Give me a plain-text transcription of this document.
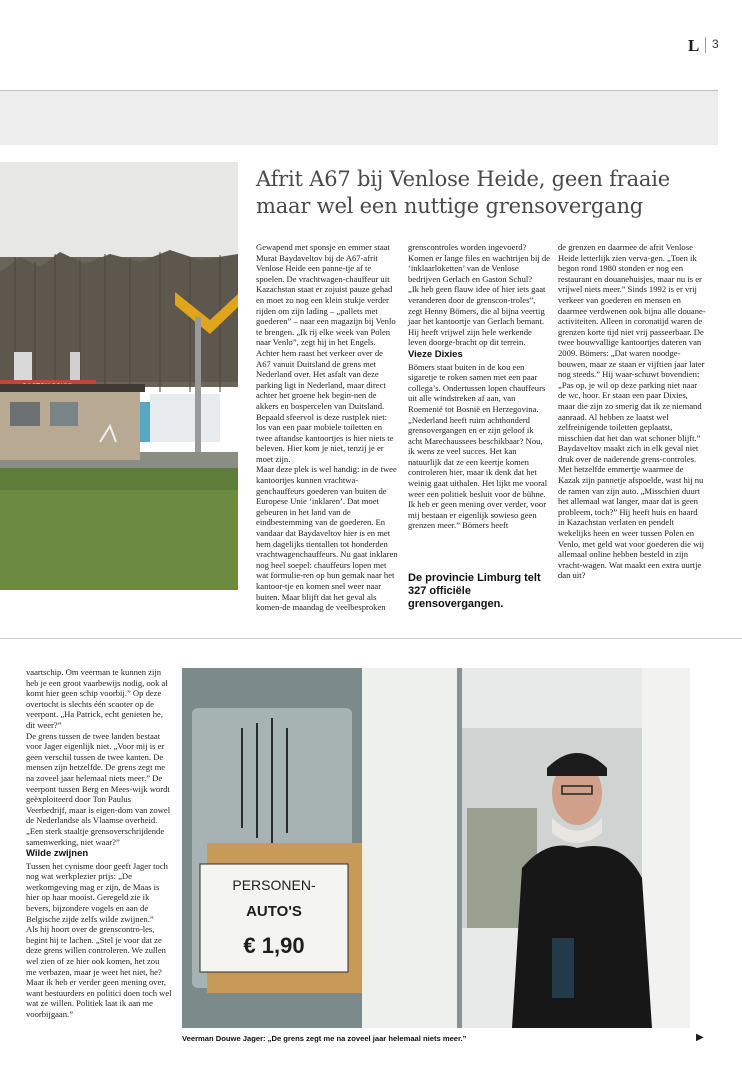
L 3
Afrit A67 bij Venlose Heide, geen fraaie maar wel een nuttige grensovergang

Gewapend met sponsje en emmer staat Murat Baydaveltov bij de A67-afrit Venlose Heide een panne-tje af te spoelen. De vrachtwagen-chauffeur uit Kazachstan staat er zojuist pauze gehad en moet zo nog een klein stukje verder rijden om zijn lading – „pallets met goederen” – naar een magazijn bij Venlo te brengen. „Ik rij elke week van Polen naar Venlo”, zegt hij in het Engels. Achter hem raast het verkeer over de A67 vanuit Duitsland de grens met Nederland over. Het asfalt van deze parking ligt in Nederland, maar direct achter het groene hek begin-nen de akkers en bospercelen van Duitsland. Bepaald sfeervol is deze rustplek niet: los van een paar mobiele toiletten en twee aftandse kantoortjes is hier niets te beleven. Hier kom je niet, tenzij je er moet zijn.

Maar deze plek is wel handig: in de twee kantoortjes kunnen vrachtwa-genchauffeurs goederen van buiten de Europese Unie ‘inklaren’. Dat moet gebeuren in het land van de eindbestemming van de goederen. En vandaar dat Baydaveltov hier is en met hem dagelijks tientallen tot honderden vrachtwagenchauffeurs. Nu gaat inklaren nog heel soepel: chauffeurs lopen met wat formulie-ren op hun gemak naar het kantoor-tje en komen snel weer naar buiten. Maar blijft dat het geval als komen-de maandag de veelbesproken

grenscontroles worden ingevoerd? Komen er lange files en wachtrijen bij de ‘inklaarloketten’ van de Venlose bedrijven Gerlach en Gaston Schul?

„Ik heb geen flauw idee of hier iets gaat veranderen door de grenscon-troles”, zegt Henny Bömers, die al bijna veertig jaar het kantoortje van Gerlach bemant. Hij heeft vrijwel zijn hele werkende leven doorge-bracht op dit terrein.

Vieze Dixies

Bömers staat buiten in de kou een sigaretje te roken samen met een paar collega’s. Ondertussen lopen chauffeurs uit alle windstreken af aan, van Roemenië tot Bosnië en Herzegovina. „Nederland heeft ruim achthonderd grensovergangen en er zijn geloof ik acht Marechaussees beschikbaar? Nou, ik wens ze veel succes. Het kan natuurlijk dat ze een keertje komen controleren hier, maar ik denk dat het weinig gaat uithalen. Het lijkt me vooral weer een politiek besluit voor de bühne. Ik heb er geen mening over verder, voor mij bestaan er eigenlijk sowieso geen grenzen meer.” Bömers heeft

De provincie Limburg telt 327 officiële grensovergangen.

de grenzen en daarmee de afrit Venlose Heide letterlijk zien verva-gen. „Toen ik begon rond 1980 stonden er nog een restaurant en douanehuisjes, maar nu is er vrijwel niets meer.” Sinds 1992 is er vrij verkeer van goederen en mensen en daarmee verdwenen ook bijna alle douane-activiteiten. Alleen in coronatijd waren de grenzen korte tijd niet vrij passeerbaar. De twee bouwvallige kantoortjes dateren van 2009. Bömers: „Dat waren noodge-bouwen, maar ze staan er vijftien jaar later nog steeds.” Hij waar-schuwt bovendien: „Pas op, je wil op deze parking niet naar de wc, hoor. Er staan een paar Dixies, maar die zijn zo smerig dat ik ze niemand aanraad. Al hebben ze laatst wel zelfreinigende toiletten geplaatst, misschien dat het dan wat schoner blijft.”

Baydaveltov maakt zich in elk geval niet druk over de naderende grens-controles. Met hetzelfde emmertje waarmee de Kazak zijn pannetje afspoelde, wast hij nu de ramen van zijn auto. „Misschien duurt het allemaal wat langer, maar dat is geen probleem, toch?” Hij heeft huis en haard in Kazachstan verlaten en pendelt wekelijks heen en weer tussen Polen en Venlo, met geld wat voor goederen die wij allemaal online hebben besteld in zijn vracht-wagen. Wat maakt een extra uurtje dan uit?

vaartschip. Om veerman te kunnen zijn heb je een groot vaarbewijs nodig, ook al komt hier geen schip voorbij.” Op deze overtocht is slechts één scooter op de veerpont. „Ha Patrick, echt genieten he, dit weer?”

De grens tussen de twee landen bestaat voor Jager eigenlijk niet. „Voor mij is er geen verschil tussen de twee kanten. De mensen zijn hetzelfde. De grens zegt me na zoveel jaar helemaal niets meer.” De veerpont tussen Berg en Mees-wijk wordt geëxploiteerd door Ton Paulus Veerbedrijf, maar is eigen-dom van zowel de Nederlandse als Vlaamse overheid. „Een sterk staaltje grensoverschrijdende samenwerking, niet waar?”

Wilde zwijnen

Tussen het cynisme door geeft Jager toch nog wat werkplezier prijs: „De werkomgeving mag er zijn, de Maas is hier op haar mooist. Geregeld zie ik bevers, bijzondere vogels en aan de Belgische zijde zelfs wilde zwijnen.”

Als hij hoort over de grenscontro-les, begint hij te lachen. „Stel je voor dat ze deze grens willen controleren. We zullen wel zien of ze hier ook komen, het zou me verbazen, maar je weet het niet, he? Maar ik heb er verder geen mening over, want bestuurders en politici doen toch wel wat ze willen. Politiek laat ik aan me voorbijgaan.”

PERSONEN-
AUTO'S
€ 1,90
Veerman Douwe Jager: „De grens zegt me na zoveel jaar helemaal niets meer.”	▶
